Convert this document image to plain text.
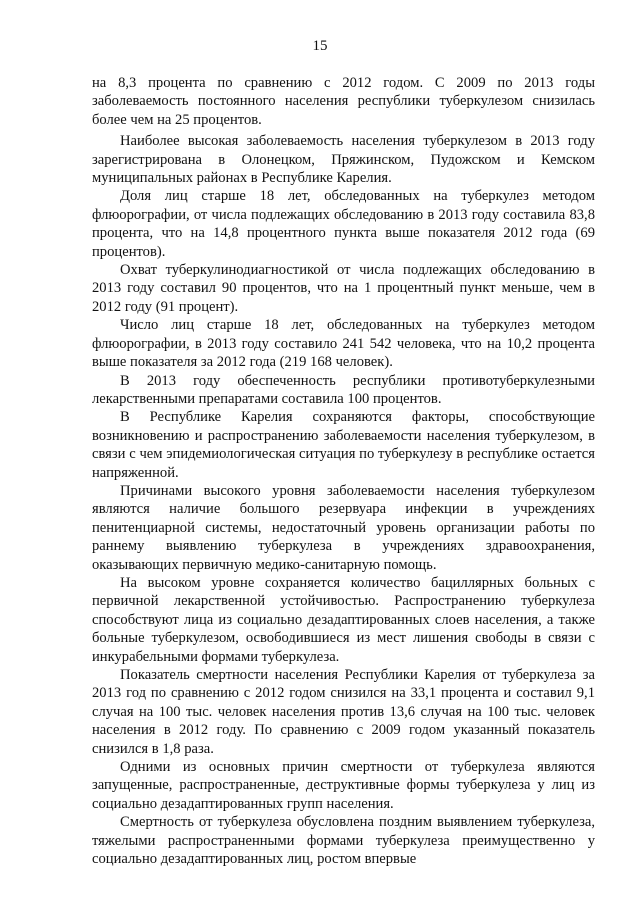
15

на 8,3 процента по сравнению с 2012 годом. С 2009 по 2013 годы заболеваемость постоянного населения республики туберкулезом снизилась более чем на 25 процентов.

Наиболее высокая заболеваемость населения туберкулезом в 2013 году зарегистрирована в Олонецком, Пряжинском, Пудожском и Кемском муниципальных районах в Республике Карелия.

Доля лиц старше 18 лет, обследованных на туберкулез методом флюорографии, от числа подлежащих обследованию в 2013 году составила 83,8 процента, что на 14,8 процентного пункта выше показателя 2012 года (69 процентов).

Охват туберкулинодиагностикой от числа подлежащих обследованию в 2013 году составил 90 процентов, что на 1 процентный пункт меньше, чем в 2012 году (91 процент).

Число лиц старше 18 лет, обследованных на туберкулез методом флюорографии, в 2013 году составило 241 542 человека, что на 10,2 процента выше показателя за 2012 года (219 168 человек).

В 2013 году обеспеченность республики противотуберкулезными лекарственными препаратами составила 100 процентов.

В Республике Карелия сохраняются факторы, способствующие возникновению и распространению заболеваемости населения туберкулезом, в связи с чем эпидемиологическая ситуация по туберкулезу в республике остается напряженной.

Причинами высокого уровня заболеваемости населения туберкулезом являются наличие большого резервуара инфекции в учреждениях пенитенциарной системы, недостаточный уровень организации работы по раннему выявлению туберкулеза в учреждениях здравоохранения, оказывающих первичную медико-санитарную помощь.

На высоком уровне сохраняется количество бациллярных больных с первичной лекарственной устойчивостью. Распространению туберкулеза способствуют лица из социально дезадаптированных слоев населения, а также больные туберкулезом, освободившиеся из мест лишения свободы в связи с инкурабельными формами туберкулеза.

Показатель смертности населения Республики Карелия от туберкулеза за 2013 год по сравнению с 2012 годом снизился на 33,1 процента и составил 9,1 случая на 100 тыс. человек населения против 13,6 случая на 100 тыс. человек населения в 2012 году. По сравнению с 2009 годом указанный показатель снизился в 1,8 раза.

Одними из основных причин смертности от туберкулеза являются запущенные, распространенные, деструктивные формы туберкулеза у лиц из социально дезадаптированных групп населения.

Смертность от туберкулеза обусловлена поздним выявлением туберкулеза, тяжелыми распространенными формами туберкулеза преимущественно у социально дезадаптированных лиц, ростом впервые
